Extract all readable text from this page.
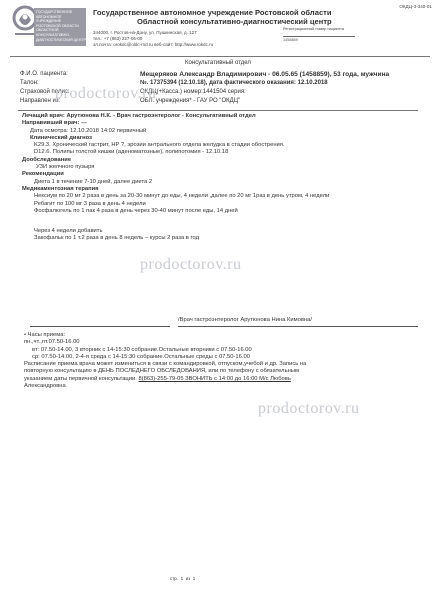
ГОСУДАРСТВЕННОЕ АВТОНОМНОЕ УЧРЕЖДЕНИЕ РОСТОВСКОЙ ОБЛАСТИ ОБЛАСТНОЙ КОНСУЛЬТАТИВНО-ДИАГНОСТИЧЕСКИЙ ЦЕНТР
Государственное автономное учреждение Ростовской области
Областной консультативно-диагностический центр
ОКДЦ-3-340-01
344000, г. Ростов-на-Дону, ул. Пушкинская, д. 127
тел.: +7 (863) 227-06-00
эл.почта: orokdc@oldc-rnd.ru веб-сайт: http://www.rokdc.ru
Регистрационный номер пациента
1458859
Консультативный отдел
Ф.И.О. пациента:	Мещеряков Александр Владимирович - 06.05.65 (1458859), 53 года, мужчина
Талон:	№. 17375394 (12.10.18), дата фактического оказания: 12.10.2018
Страховой полис:	ОКДЦ(+Касса.) номер:1441504 серия:
Направлен из:	ОБЛ. учреждения* - ГАУ РО "ОКДЦ"
Лечащий врач: Арутюнова Н.К. - Врач гастроэнтеролог - Консультативный отдел
Направивший врач: ---
Дата осмотра: 12.10.2018 14:02 первичный
Клинический диагноз
K29.3. Хронический гастрит, HP ?, эрозии антрального отдела желудка в стадии обострения.
D12.6. Полипы толстой кишки (аденоматозные), полипотомия - 12.10.18
Дообследование
УЗИ желчного пузыря
Рекомендации
Диета 1 в течение 7-10 дней, далее диета 2
Медикаментозная терапия
Нексиум по 20 мг 2 раза в день за 20-30 минут до еды, 4 недели ,далее по 20 мг 1раз в день утром, 4 недели
Ребагит по 100 мг 3 раза в день 4 недели
Фосфалюгель по 1 пак 4 раза в день через 30-40 минут после еды, 14 дней
Через 4 недели добавить
Закофальк по 1 т.2 раза в день 8 недель – курсы 2 раза в год
/Врач гастроэнтеролог Арутюнова Нина Кимовна/
• Часы приема:
пн.,чт.,пт.07.50-16.00
вт: 07.50-14.00, 3 вторник с 14-15:30 собрание.Остальные вторники с 07.50-16.00
ср: 07.50-14.00, 2-4-я среда с 14-15:30 собрание.Остальные среды с 07.50-16.00
Расписание приема врача может измениться в связи с командировкой, отпуском,учебой и др. Запись на
повторную консультацию в ДЕНЬ ПОСЛЕДНЕГО ОБСЛЕДОВАНИЯ, или по телефону с обязательным
указанием даты первичной консультации. 8(863)-255-79-05 ЗВОНИТЬ с 14:00 до 16:00 М/с Любовь
Александровна
prodoctorov.ru
prodoctorov.ru
prodoctorov.ru
стр. 1 из 1
